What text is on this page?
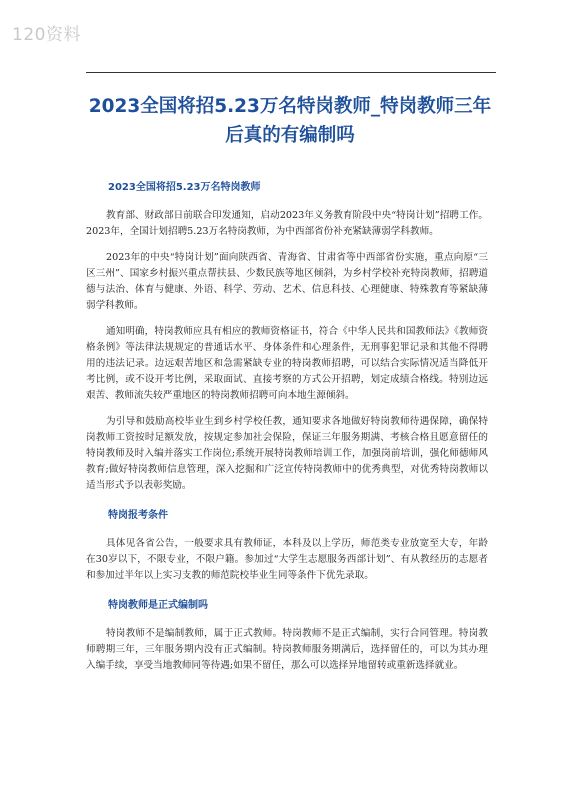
120资料
2023全国将招5.23万名特岗教师_特岗教师三年后真的有编制吗

2023全国将招5.23万名特岗教师

教育部、财政部日前联合印发通知，启动2023年义务教育阶段中央“特岗计划”招聘工作。2023年，全国计划招聘5.23万名特岗教师，为中西部省份补充紧缺薄弱学科教师。

2023年的中央“特岗计划”面向陕西省、青海省、甘肃省等中西部省份实施，重点向原“三区三州”、国家乡村振兴重点帮扶县、少数民族等地区倾斜，为乡村学校补充特岗教师，招聘道德与法治、体育与健康、外语、科学、劳动、艺术、信息科技、心理健康、特殊教育等紧缺薄弱学科教师。

通知明确，特岗教师应具有相应的教师资格证书，符合《中华人民共和国教师法》《教师资格条例》等法律法规规定的普通话水平、身体条件和心理条件，无刑事犯罪记录和其他不得聘用的违法记录。边远艰苦地区和急需紧缺专业的特岗教师招聘，可以结合实际情况适当降低开考比例，或不设开考比例，采取面试、直接考察的方式公开招聘，划定成绩合格线。特别边远艰苦、教师流失较严重地区的特岗教师招聘可向本地生源倾斜。

为引导和鼓励高校毕业生到乡村学校任教，通知要求各地做好特岗教师待遇保障，确保特岗教师工资按时足额发放，按规定参加社会保险，保证三年服务期满、考核合格且愿意留任的特岗教师及时入编并落实工作岗位;系统开展特岗教师培训工作，加强岗前培训，强化师德师风教育;做好特岗教师信息管理，深入挖掘和广泛宣传特岗教师中的优秀典型，对优秀特岗教师以适当形式予以表彰奖励。

特岗报考条件

具体见各省公告，一般要求具有教师证，本科及以上学历，师范类专业放宽至大专，年龄在30岁以下，不限专业，不限户籍。参加过“大学生志愿服务西部计划”、有从教经历的志愿者和参加过半年以上实习支教的师范院校毕业生同等条件下优先录取。

特岗教师是正式编制吗

特岗教师不是编制教师，属于正式教师。特岗教师不是正式编制，实行合同管理。特岗教师聘期三年，三年服务期内没有正式编制。特岗教师服务期满后，选择留任的，可以为其办理入编手续，享受当地教师同等待遇;如果不留任，那么可以选择异地留转或重新选择就业。
